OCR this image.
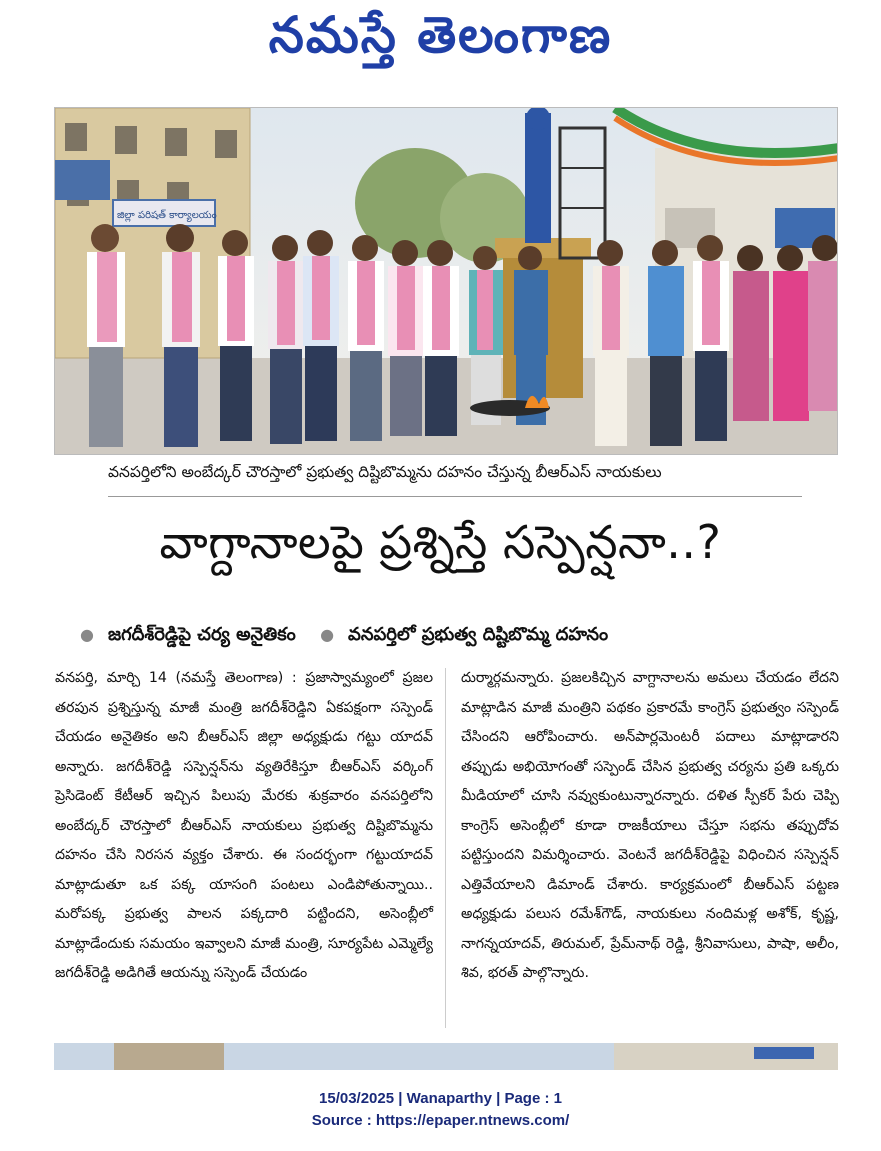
నమస్తే తెలంగాణ
జిల్లా పరిషత్ కార్యాలయం
వనపర్తిలోని అంబేద్కర్ చౌరస్తాలో ప్రభుత్వ దిష్టిబొమ్మను దహనం చేస్తున్న బీఆర్ఎస్ నాయకులు
వాగ్దానాలపై ప్రశ్నిస్తే సస్పెన్షనా..?
● జగదీశ్‌రెడ్డిపై చర్య అనైతికం ● వనపర్తిలో ప్రభుత్వ దిష్టిబొమ్మ దహనం
వనపర్తి, మార్చి 14 (నమస్తే తెలంగాణ) : ప్రజాస్వామ్యంలో ప్రజల తరపున ప్రశ్నిస్తున్న మాజీ మంత్రి జగదీశ్‌రెడ్డిని ఏకపక్షంగా సస్పెండ్ చేయడం అనైతికం అని బీఆర్ఎస్ జిల్లా అధ్యక్షుడు గట్టు యాదవ్ అన్నారు. జగదీశ్‌రెడ్డి సస్పెన్షన్‌ను వ్యతిరేకిస్తూ బీఆర్ఎస్ వర్కింగ్ ప్రెసిడెంట్ కేటీఆర్ ఇచ్చిన పిలుపు మేరకు శుక్రవారం వనపర్తిలోని అంబేద్కర్ చౌరస్తాలో బీఆర్ఎస్ నాయకులు ప్రభుత్వ దిష్టిబొమ్మను దహనం చేసి నిరసన వ్యక్తం చేశారు. ఈ సందర్భంగా గట్టుయాదవ్ మాట్లాడుతూ ఒక పక్క యాసంగి పంటలు ఎండిపోతున్నాయి.. మరోపక్క ప్రభుత్వ పాలన పక్కదారి పట్టిందని, అసెంబ్లీలో మాట్లాడేందుకు సమయం ఇవ్వాలని మాజీ మంత్రి, సూర్యపేట ఎమ్మెల్యే జగదీశ్‌రెడ్డి అడిగితే ఆయన్ను సస్పెండ్ చేయడం
దుర్మార్గమన్నారు. ప్రజలకిచ్చిన వాగ్దానాలను అమలు చేయడం లేదని మాట్లాడిన మాజీ మంత్రిని పథకం ప్రకారమే కాంగ్రెస్ ప్రభుత్వం సస్పెండ్ చేసిందని ఆరోపించారు. అన్‌పార్లమెంటరీ పదాలు మాట్లాడారని తప్పుడు అభియోగంతో సస్పెండ్ చేసిన ప్రభుత్వ చర్యను ప్రతి ఒక్కరు మీడియాలో చూసి నవ్వుకుంటున్నారన్నారు. దళిత స్పీకర్ పేరు చెప్పి కాంగ్రెస్ అసెంబ్లీలో కూడా రాజకీయాలు చేస్తూ సభను తప్పుదోవ పట్టిస్తుందని విమర్శించారు. వెంటనే జగదీశ్‌రెడ్డిపై విధించిన సస్పెన్షన్ ఎత్తివేయాలని డిమాండ్ చేశారు. కార్యక్రమంలో బీఆర్ఎస్ పట్టణ అధ్యక్షుడు పలుస రమేశ్‌గౌడ్, నాయకులు నందిమళ్ల అశోక్, కృష్ణ, నాగన్నయాదవ్, తిరుమల్, ప్రేమ్‌నాథ్ రెడ్డి, శ్రీనివాసులు, పాషా, అలీం, శివ, భరత్ పాల్గొన్నారు.
15/03/2025 | Wanaparthy | Page : 1
Source : https://epaper.ntnews.com/
